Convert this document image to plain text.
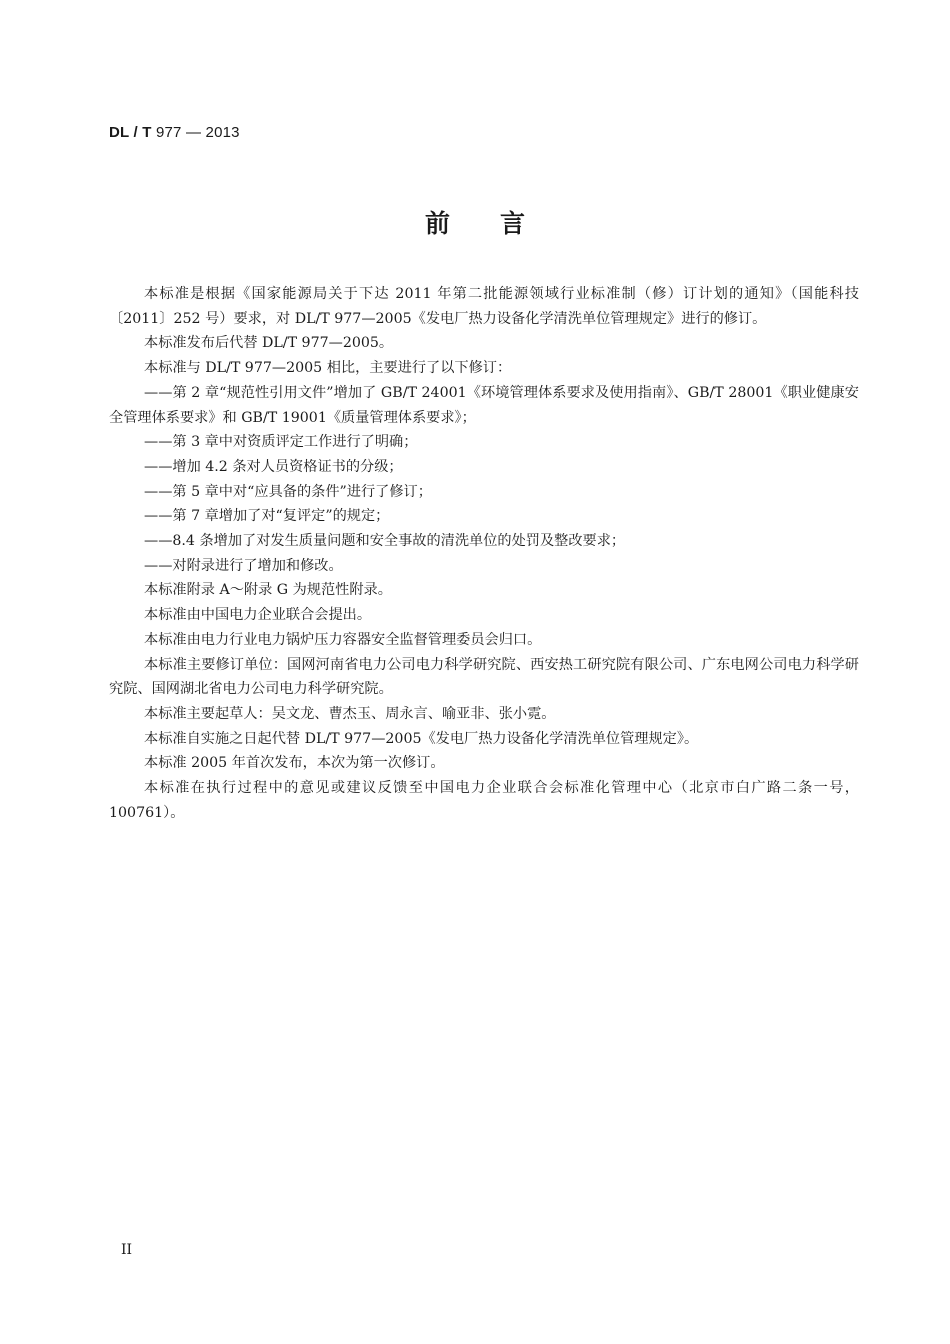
DL / T 977 — 2013
前言

本标准是根据《国家能源局关于下达 2011 年第二批能源领域行业标准制（修）订计划的通知》（国能科技〔2011〕252 号）要求，对 DL/T 977—2005《发电厂热力设备化学清洗单位管理规定》进行的修订。

本标准发布后代替 DL/T 977—2005。

本标准与 DL/T 977—2005 相比，主要进行了以下修订：

——第 2 章“规范性引用文件”增加了 GB/T 24001《环境管理体系要求及使用指南》、GB/T 28001《职业健康安全管理体系要求》和 GB/T 19001《质量管理体系要求》；

——第 3 章中对资质评定工作进行了明确；

——增加 4.2 条对人员资格证书的分级；

——第 5 章中对“应具备的条件”进行了修订；

——第 7 章增加了对“复评定”的规定；

——8.4 条增加了对发生质量问题和安全事故的清洗单位的处罚及整改要求；

——对附录进行了增加和修改。

本标准附录 A～附录 G 为规范性附录。

本标准由中国电力企业联合会提出。

本标准由电力行业电力锅炉压力容器安全监督管理委员会归口。

本标准主要修订单位：国网河南省电力公司电力科学研究院、西安热工研究院有限公司、广东电网公司电力科学研究院、国网湖北省电力公司电力科学研究院。

本标准主要起草人：吴文龙、曹杰玉、周永言、喻亚非、张小霓。

本标准自实施之日起代替 DL/T 977—2005《发电厂热力设备化学清洗单位管理规定》。

本标准 2005 年首次发布，本次为第一次修订。

本标准在执行过程中的意见或建议反馈至中国电力企业联合会标准化管理中心（北京市白广路二条一号，100761）。

II
